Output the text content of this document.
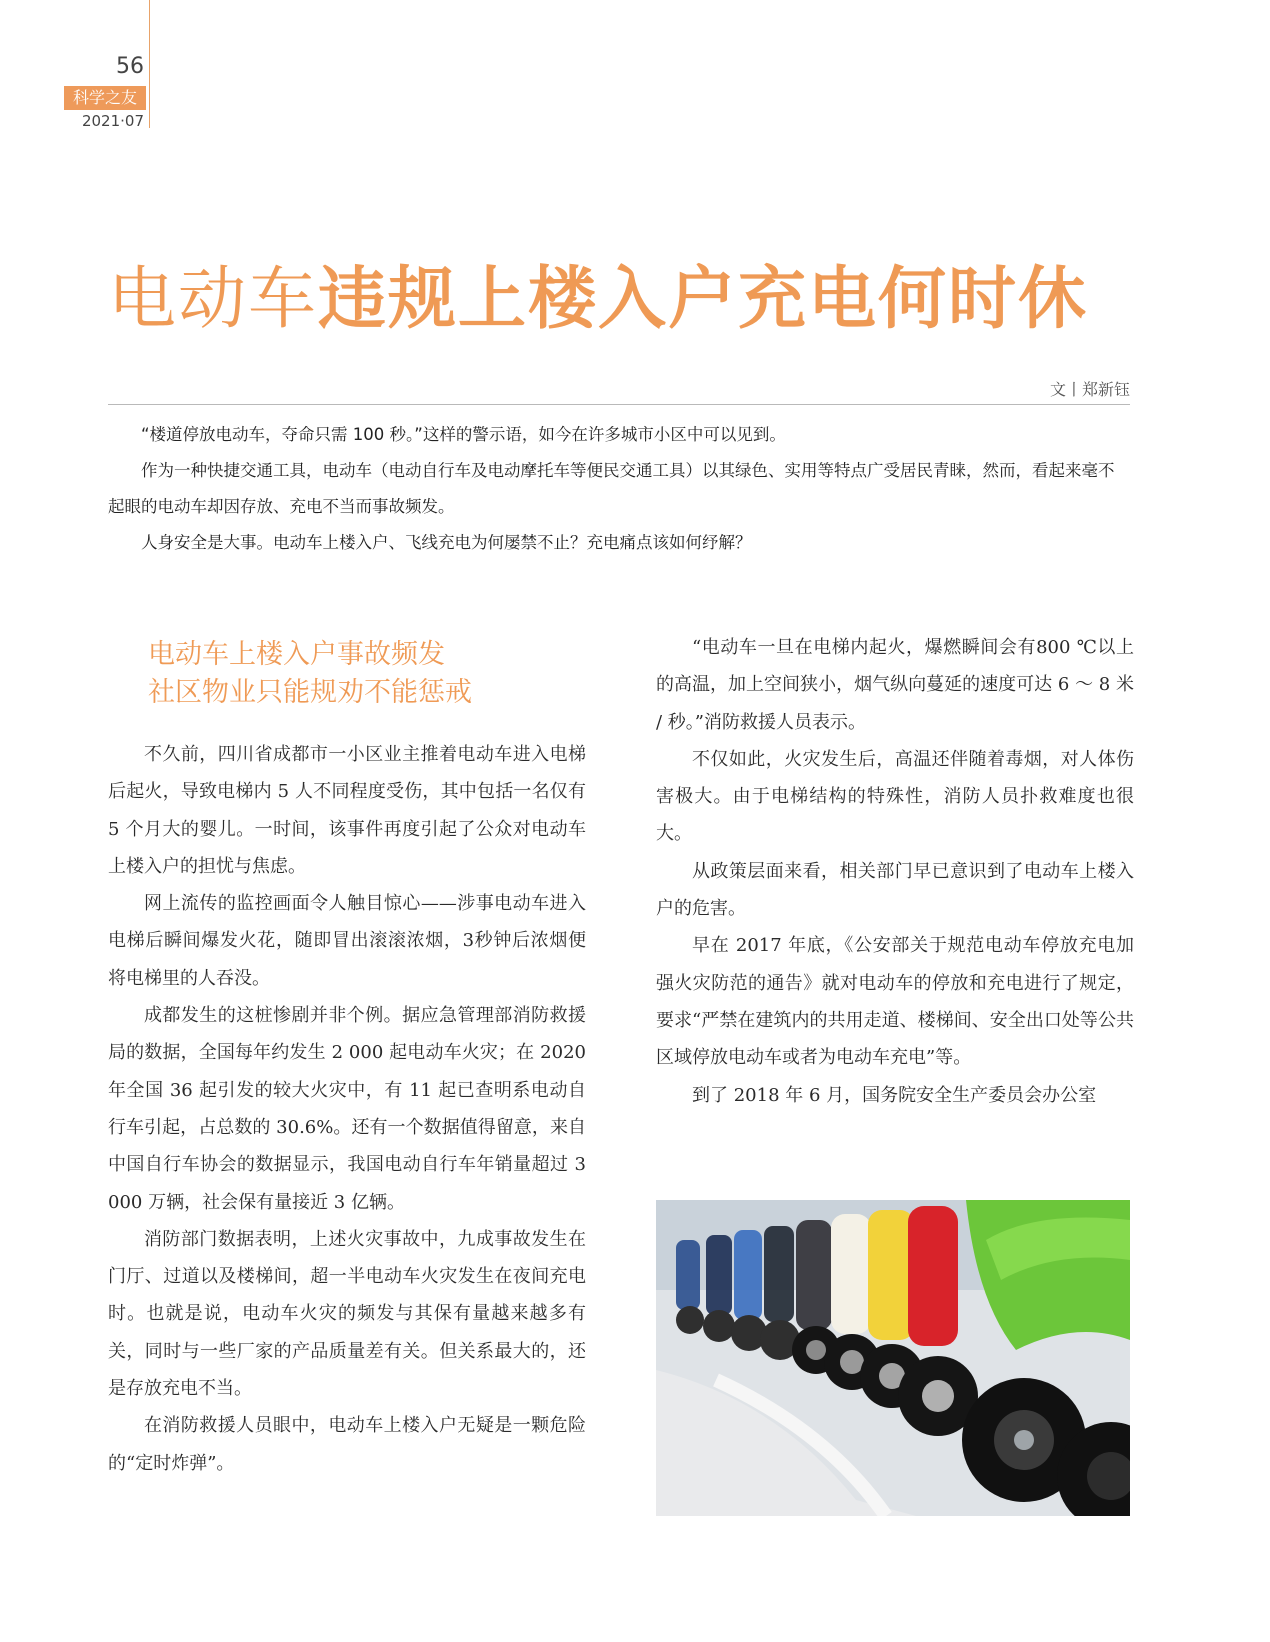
56
科学之友
2021·07
电动车违规上楼入户充电何时休
文丨郑新钰

“楼道停放电动车，夺命只需 100 秒。”这样的警示语，如今在许多城市小区中可以见到。

作为一种快捷交通工具，电动车（电动自行车及电动摩托车等便民交通工具）以其绿色、实用等特点广受居民青睐，然而，看起来毫不起眼的电动车却因存放、充电不当而事故频发。

人身安全是大事。电动车上楼入户、飞线充电为何屡禁不止？充电痛点该如何纾解？

电动车上楼入户事故频发
社区物业只能规劝不能惩戒

不久前，四川省成都市一小区业主推着电动车进入电梯后起火，导致电梯内 5 人不同程度受伤，其中包括一名仅有 5 个月大的婴儿。一时间，该事件再度引起了公众对电动车上楼入户的担忧与焦虑。

网上流传的监控画面令人触目惊心——涉事电动车进入电梯后瞬间爆发火花，随即冒出滚滚浓烟，3秒钟后浓烟便将电梯里的人吞没。

成都发生的这桩惨剧并非个例。据应急管理部消防救援局的数据，全国每年约发生 2 000 起电动车火灾；在 2020 年全国 36 起引发的较大火灾中，有 11 起已查明系电动自行车引起，占总数的 30.6%。还有一个数据值得留意，来自中国自行车协会的数据显示，我国电动自行车年销量超过 3 000 万辆，社会保有量接近 3 亿辆。

消防部门数据表明，上述火灾事故中，九成事故发生在门厅、过道以及楼梯间，超一半电动车火灾发生在夜间充电时。也就是说，电动车火灾的频发与其保有量越来越多有关，同时与一些厂家的产品质量差有关。但关系最大的，还是存放充电不当。

在消防救援人员眼中，电动车上楼入户无疑是一颗危险的“定时炸弹”。

“电动车一旦在电梯内起火，爆燃瞬间会有800 ℃以上的高温，加上空间狭小，烟气纵向蔓延的速度可达 6 ～ 8 米 / 秒。”消防救援人员表示。

不仅如此，火灾发生后，高温还伴随着毒烟，对人体伤害极大。由于电梯结构的特殊性，消防人员扑救难度也很大。

从政策层面来看，相关部门早已意识到了电动车上楼入户的危害。

早在 2017 年底，《公安部关于规范电动车停放充电加强火灾防范的通告》就对电动车的停放和充电进行了规定，要求“严禁在建筑内的共用走道、楼梯间、安全出口处等公共区域停放电动车或者为电动车充电”等。

到了 2018 年 6 月，国务院安全生产委员会办公室
